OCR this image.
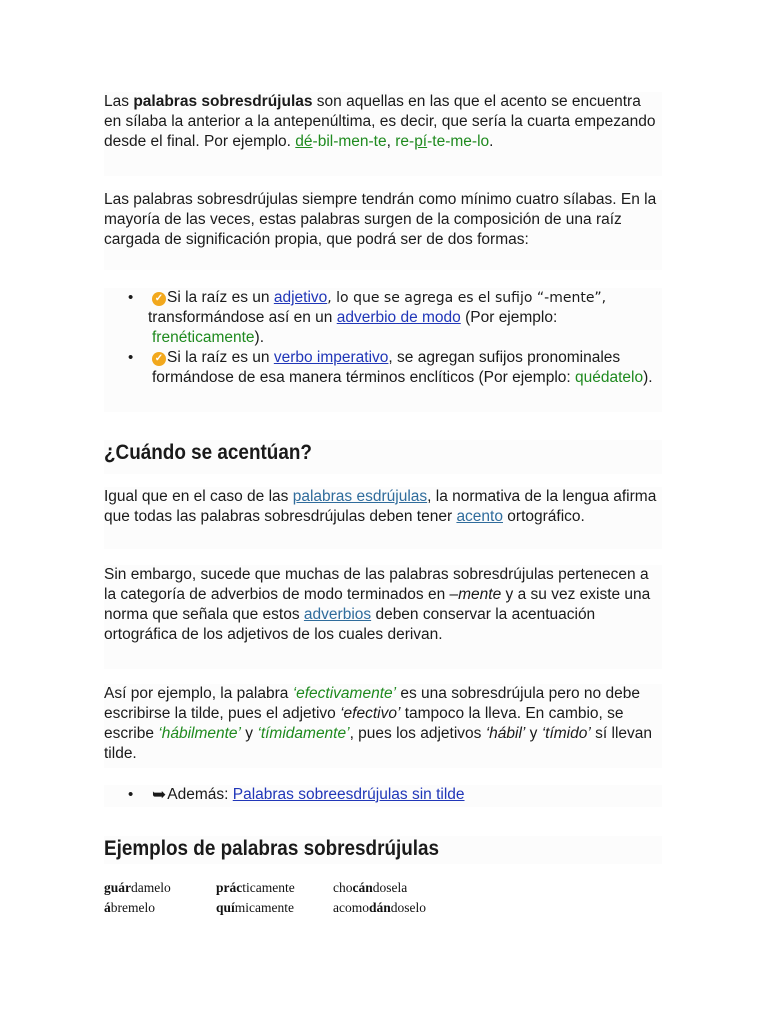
Las palabras sobresdrújulas son aquellas en las que el acento se encuentra en sílaba la anterior a la antepenúltima, es decir, que sería la cuarta empezando desde el final. Por ejemplo. dé-bil-men-te, re-pí-te-me-lo.

Las palabras sobresdrújulas siempre tendrán como mínimo cuatro sílabas. En la mayoría de las veces, estas palabras surgen de la composición de una raíz cargada de significación propia, que podrá ser de dos formas:

• ✓ Si la raíz es un adjetivo, lo que se agrega es el sufijo “-mente”,
transformándose así en un adverbio de modo (Por ejemplo: frenéticamente).
• ✓ Si la raíz es un verbo imperativo, se agregan sufijos pronominales formándose de esa manera términos enclíticos (Por ejemplo: quédatelo).
¿Cuándo se acentúan?

Igual que en el caso de las palabras esdrújulas, la normativa de la lengua afirma que todas las palabras sobresdrújulas deben tener acento ortográfico.

Sin embargo, sucede que muchas de las palabras sobresdrújulas pertenecen a la categoría de adverbios de modo terminados en –mente y a su vez existe una norma que señala que estos adverbios deben conservar la acentuación ortográfica de los adjetivos de los cuales derivan.

Así por ejemplo, la palabra ‘efectivamente’ es una sobresdrújula pero no debe escribirse la tilde, pues el adjetivo ‘efectivo’ tampoco la lleva. En cambio, se escribe ‘hábilmente’ y ‘tímidamente’, pues los adjetivos ‘hábil’ y ‘tímido’ sí llevan tilde.

• ➥Además: Palabras sobreesdrújulas sin tilde
Ejemplos de palabras sobresdrújulas
guárdamelo	prácticamente	chocándosela
ábremelo	químicamente	acomodándoselo
